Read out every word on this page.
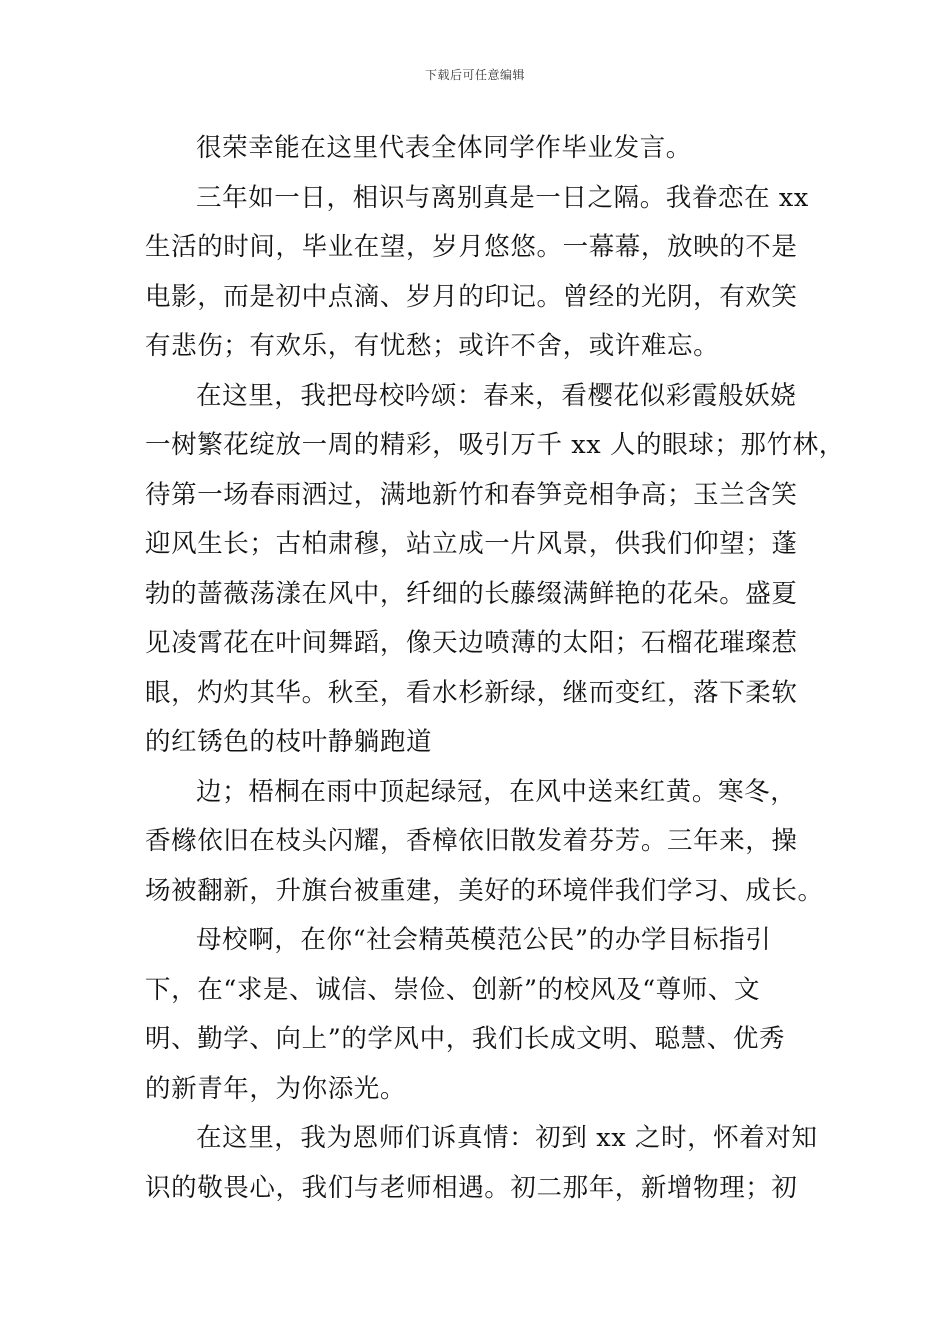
下载后可任意编辑
很荣幸能在这里代表全体同学作毕业发言。
三年如一日，相识与离别真是一日之隔。我眷恋在 xx
生活的时间，毕业在望，岁月悠悠。一幕幕，放映的不是
电影，而是初中点滴、岁月的印记。曾经的光阴，有欢笑
有悲伤；有欢乐，有忧愁；或许不舍，或许难忘。
在这里，我把母校吟颂：春来，看樱花似彩霞般妖娆
一树繁花绽放一周的精彩，吸引万千 xx 人的眼球；那竹林，
待第一场春雨洒过，满地新竹和春笋竞相争高；玉兰含笑
迎风生长；古柏肃穆，站立成一片风景，供我们仰望；蓬
勃的蔷薇荡漾在风中，纤细的长藤缀满鲜艳的花朵。盛夏
见凌霄花在叶间舞蹈，像天边喷薄的太阳；石榴花璀璨惹
眼，灼灼其华。秋至，看水杉新绿，继而变红，落下柔软
的红锈色的枝叶静躺跑道
边；梧桐在雨中顶起绿冠，在风中送来红黄。寒冬，
香橼依旧在枝头闪耀，香樟依旧散发着芬芳。三年来，操
场被翻新，升旗台被重建，美好的环境伴我们学习、成长。
母校啊，在你“社会精英模范公民”的办学目标指引
下，在“求是、诚信、崇俭、创新”的校风及“尊师、文
明、勤学、向上”的学风中，我们长成文明、聪慧、优秀
的新青年，为你添光。
在这里，我为恩师们诉真情：初到 xx 之时，怀着对知
识的敬畏心，我们与老师相遇。初二那年，新增物理；初
